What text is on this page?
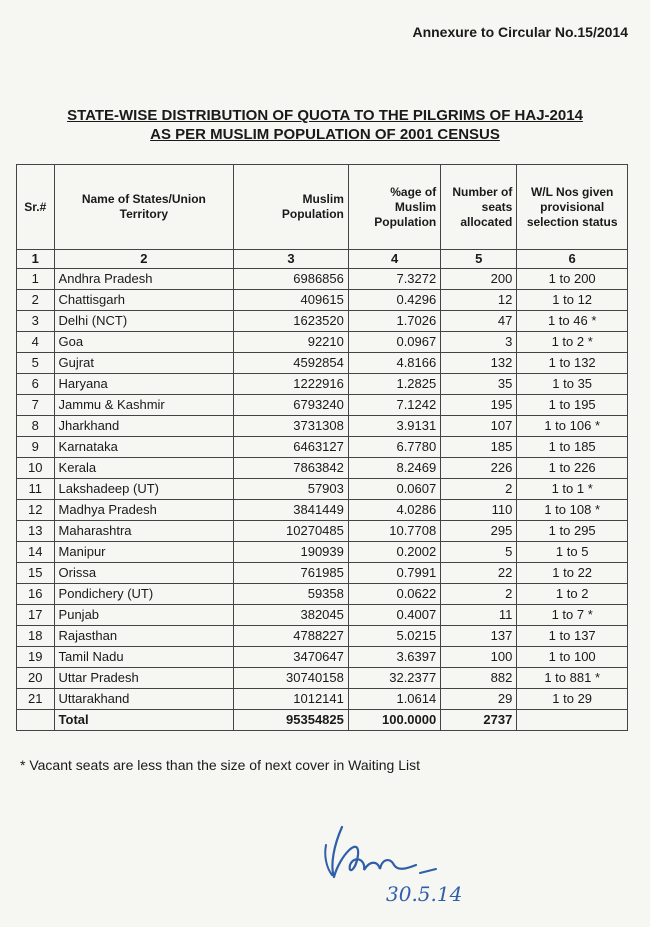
Annexure to Circular No.15/2014
STATE-WISE DISTRIBUTION OF QUOTA TO THE PILGRIMS OF HAJ-2014
AS PER MUSLIM POPULATION OF 2001 CENSUS
Sr.#	Name of States/Union Territory	Muslim Population	%age of Muslim Population	Number of seats allocated	W/L Nos given provisional selection status
1	2	3	4	5	6
1	Andhra Pradesh	6986856	7.3272	200	1 to 200
2	Chattisgarh	409615	0.4296	12	1 to 12
3	Delhi (NCT)	1623520	1.7026	47	1 to 46 *
4	Goa	92210	0.0967	3	1 to 2 *
5	Gujrat	4592854	4.8166	132	1 to 132
6	Haryana	1222916	1.2825	35	1 to 35
7	Jammu & Kashmir	6793240	7.1242	195	1 to 195
8	Jharkhand	3731308	3.9131	107	1 to 106 *
9	Karnataka	6463127	6.7780	185	1 to 185
10	Kerala	7863842	8.2469	226	1 to 226
11	Lakshadeep (UT)	57903	0.0607	2	1 to 1 *
12	Madhya Pradesh	3841449	4.0286	110	1 to 108 *
13	Maharashtra	10270485	10.7708	295	1 to 295
14	Manipur	190939	0.2002	5	1 to 5
15	Orissa	761985	0.7991	22	1 to 22
16	Pondichery (UT)	59358	0.0622	2	1 to 2
17	Punjab	382045	0.4007	11	1 to 7 *
18	Rajasthan	4788227	5.0215	137	1 to 137
19	Tamil Nadu	3470647	3.6397	100	1 to 100
20	Uttar Pradesh	30740158	32.2377	882	1 to 881 *
21	Uttarakhand	1012141	1.0614	29	1 to 29
	Total	95354825	100.0000	2737	
* Vacant seats are less than the size of next cover in Waiting List
30.5.14
